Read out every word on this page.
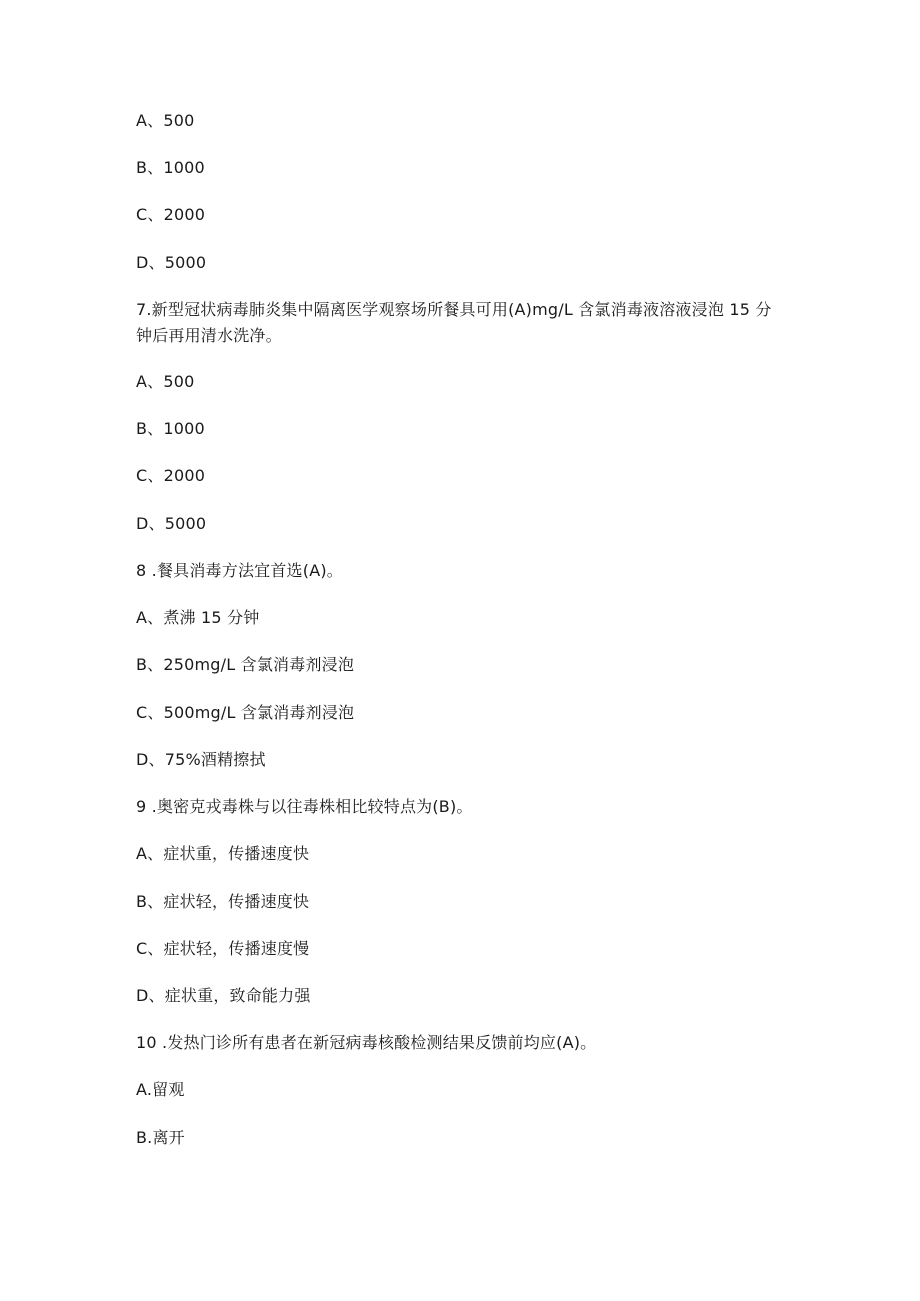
A、500
B、1000
C、2000
D、5000
7.新型冠状病毒肺炎集中隔离医学观察场所餐具可用(A)mg/L 含氯消毒液溶液浸泡 15 分钟后再用清水洗净。
A、500
B、1000
C、2000
D、5000
8 .餐具消毒方法宜首选(A)。
A、煮沸 15 分钟
B、250mg/L 含氯消毒剂浸泡
C、500mg/L 含氯消毒剂浸泡
D、75%酒精擦拭
9 .奥密克戎毒株与以往毒株相比较特点为(B)。
A、症状重，传播速度快
B、症状轻，传播速度快
C、症状轻，传播速度慢
D、症状重，致命能力强
10 .发热门诊所有患者在新冠病毒核酸检测结果反馈前均应(A)。
A.留观
B.离开
